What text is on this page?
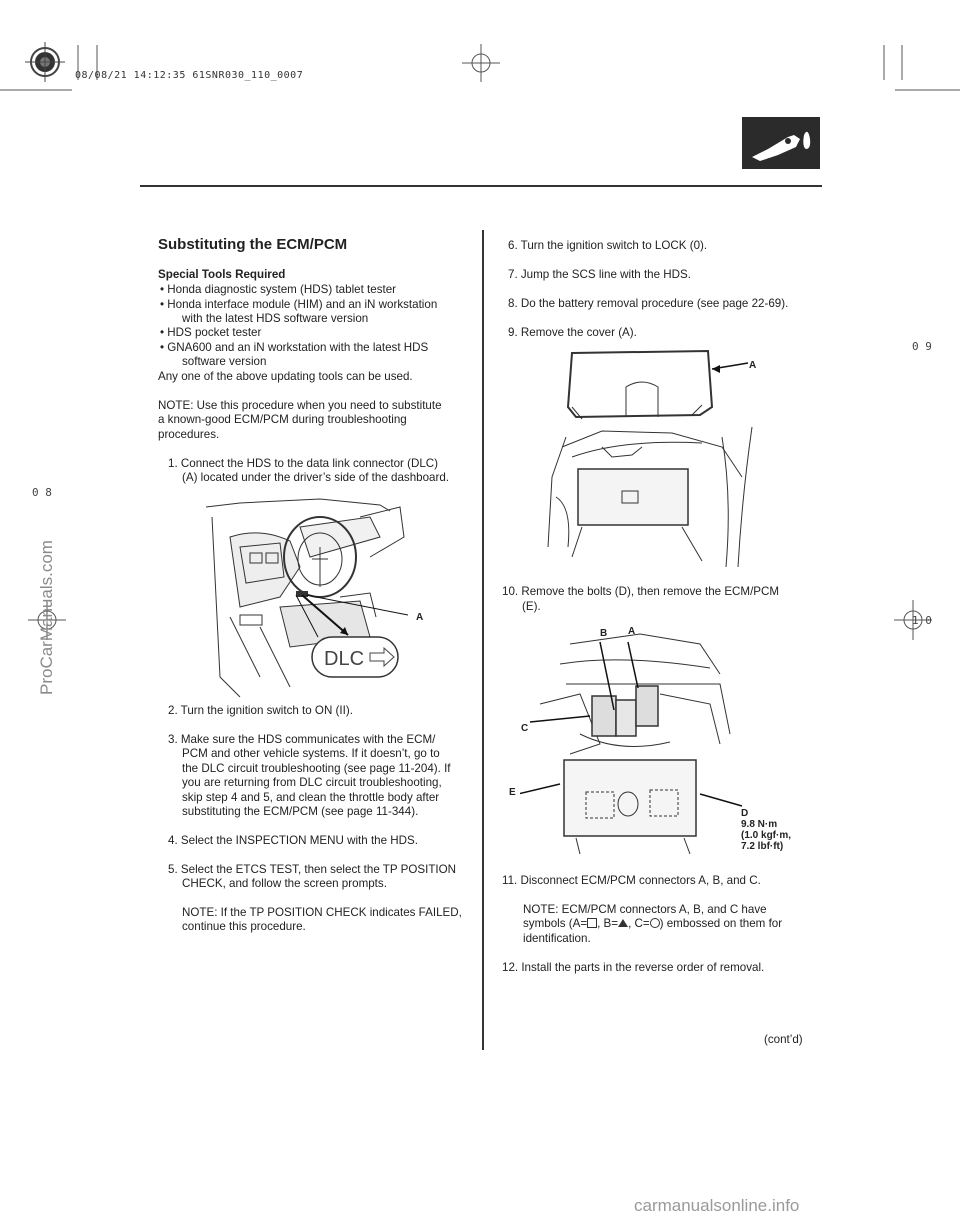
08/08/21 14:12:35 61SNR030_110_0007
0 9
0 8
1 0
Substituting the ECM/PCM
Special Tools Required
• Honda diagnostic system (HDS) tablet tester
• Honda interface module (HIM) and an iN workstation
with the latest HDS software version
• HDS pocket tester
• GNA600 and an iN workstation with the latest HDS
software version
Any one of the above updating tools can be used.
NOTE: Use this procedure when you need to substitute
a known-good ECM/PCM during troubleshooting
procedures.
1. Connect the HDS to the data link connector (DLC)
(A) located under the driver’s side of the dashboard.
DLC
A
2. Turn the ignition switch to ON (II).
3. Make sure the HDS communicates with the ECM/
PCM and other vehicle systems. If it doesn’t, go to
the DLC circuit troubleshooting (see page 11-204). If
you are returning from DLC circuit troubleshooting,
skip step 4 and 5, and clean the throttle body after
substituting the ECM/PCM (see page 11-344).
4. Select the INSPECTION MENU with the HDS.
5. Select the ETCS TEST, then select the TP POSITION
CHECK, and follow the screen prompts.
NOTE: If the TP POSITION CHECK indicates FAILED,
continue this procedure.
6. Turn the ignition switch to LOCK (0).
7. Jump the SCS line with the HDS.
8. Do the battery removal procedure (see page 22-69).
9. Remove the cover (A).
A
10. Remove the bolts (D), then remove the ECM/PCM
(E).
B A
C
E
D
9.8 N·m
(1.0 kgf·m,
7.2 lbf·ft)
11. Disconnect ECM/PCM connectors A, B, and C.
NOTE: ECM/PCM connectors A, B, and C have
symbols (A= , B= , C= ) embossed on them for
identification.
12. Install the parts in the reverse order of removal.
(cont’d)
ProCarManuals.com
carmanualsonline.info
